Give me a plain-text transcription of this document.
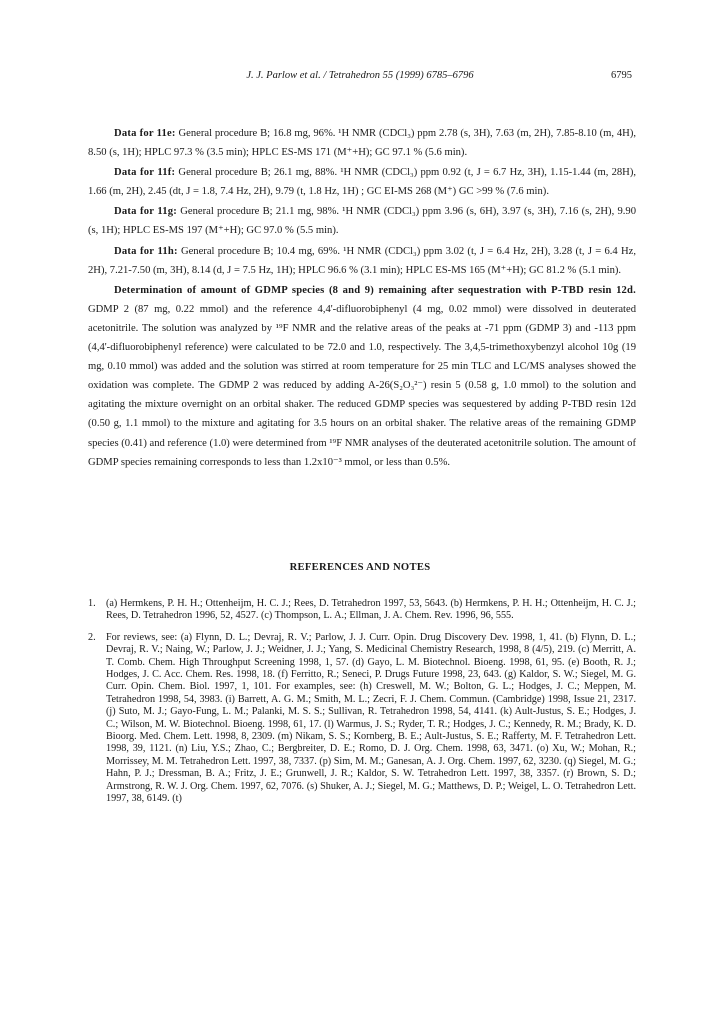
J. J. Parlow et al. / Tetrahedron 55 (1999) 6785–6796	6795

Data for 11e: General procedure B; 16.8 mg, 96%. ¹H NMR (CDCl₃) ppm 2.78 (s, 3H), 7.63 (m, 2H), 7.85-8.10 (m, 4H), 8.50 (s, 1H); HPLC 97.3 % (3.5 min); HPLC ES-MS 171 (M⁺+H); GC 97.1 % (5.6 min).

Data for 11f: General procedure B; 26.1 mg, 88%. ¹H NMR (CDCl₃) ppm 0.92 (t, J = 6.7 Hz, 3H), 1.15-1.44 (m, 28H), 1.66 (m, 2H), 2.45 (dt, J = 1.8, 7.4 Hz, 2H), 9.79 (t, 1.8 Hz, 1H) ; GC EI-MS 268 (M⁺) GC >99 % (7.6 min).

Data for 11g: General procedure B; 21.1 mg, 98%. ¹H NMR (CDCl₃) ppm 3.96 (s, 6H), 3.97 (s, 3H), 7.16 (s, 2H), 9.90 (s, 1H); HPLC ES-MS 197 (M⁺+H); GC 97.0 % (5.5 min).

Data for 11h: General procedure B; 10.4 mg, 69%. ¹H NMR (CDCl₃) ppm 3.02 (t, J = 6.4 Hz, 2H), 3.28 (t, J = 6.4 Hz, 2H), 7.21-7.50 (m, 3H), 8.14 (d, J = 7.5 Hz, 1H); HPLC 96.6 % (3.1 min); HPLC ES-MS 165 (M⁺+H); GC 81.2 % (5.1 min).

Determination of amount of GDMP species (8 and 9) remaining after sequestration with P-TBD resin 12d. GDMP 2 (87 mg, 0.22 mmol) and the reference 4,4'-difluorobiphenyl (4 mg, 0.02 mmol) were dissolved in deuterated acetonitrile. The solution was analyzed by ¹⁹F NMR and the relative areas of the peaks at -71 ppm (GDMP 3) and -113 ppm (4,4'-difluorobiphenyl reference) were calculated to be 72.0 and 1.0, respectively. The 3,4,5-trimethoxybenzyl alcohol 10g (19 mg, 0.10 mmol) was added and the solution was stirred at room temperature for 25 min TLC and LC/MS analyses showed the oxidation was complete. The GDMP 2 was reduced by adding A-26(S₂O₃²⁻) resin 5 (0.58 g, 1.0 mmol) to the solution and agitating the mixture overnight on an orbital shaker. The reduced GDMP species was sequestered by adding P-TBD resin 12d (0.50 g, 1.1 mmol) to the mixture and agitating for 3.5 hours on an orbital shaker. The relative areas of the remaining GDMP species (0.41) and reference (1.0) were determined from ¹⁹F NMR analyses of the deuterated acetonitrile solution. The amount of GDMP species remaining corresponds to less than 1.2x10⁻³ mmol, or less than 0.5%.

REFERENCES AND NOTES
1. (a) Hermkens, P. H. H.; Ottenheijm, H. C. J.; Rees, D. Tetrahedron 1997, 53, 5643. (b) Hermkens, P. H. H.; Ottenheijm, H. C. J.; Rees, D. Tetrahedron 1996, 52, 4527. (c) Thompson, L. A.; Ellman, J. A. Chem. Rev. 1996, 96, 555.
2. For reviews, see: (a) Flynn, D. L.; Devraj, R. V.; Parlow, J. J. Curr. Opin. Drug Discovery Dev. 1998, 1, 41. (b) Flynn, D. L.; Devraj, R. V.; Naing, W.; Parlow, J. J.; Weidner, J. J.; Yang, S. Medicinal Chemistry Research, 1998, 8 (4/5), 219. (c) Merritt, A. T. Comb. Chem. High Throughput Screening 1998, 1, 57. (d) Gayo, L. M. Biotechnol. Bioeng. 1998, 61, 95. (e) Booth, R. J.; Hodges, J. C. Acc. Chem. Res. 1998, 18. (f) Ferritto, R.; Seneci, P. Drugs Future 1998, 23, 643. (g) Kaldor, S. W.; Siegel, M. G. Curr. Opin. Chem. Biol. 1997, 1, 101. For examples, see: (h) Creswell, M. W.; Bolton, G. L.; Hodges, J. C.; Meppen, M. Tetrahedron 1998, 54, 3983. (i) Barrett, A. G. M.; Smith, M. L.; Zecri, F. J. Chem. Commun. (Cambridge) 1998, Issue 21, 2317. (j) Suto, M. J.; Gayo-Fung, L. M.; Palanki, M. S. S.; Sullivan, R. Tetrahedron 1998, 54, 4141. (k) Ault-Justus, S. E.; Hodges, J. C.; Wilson, M. W. Biotechnol. Bioeng. 1998, 61, 17. (l) Warmus, J. S.; Ryder, T. R.; Hodges, J. C.; Kennedy, R. M.; Brady, K. D. Bioorg. Med. Chem. Lett. 1998, 8, 2309. (m) Nikam, S. S.; Kornberg, B. E.; Ault-Justus, S. E.; Rafferty, M. F. Tetrahedron Lett. 1998, 39, 1121. (n) Liu, Y.S.; Zhao, C.; Bergbreiter, D. E.; Romo, D. J. Org. Chem. 1998, 63, 3471. (o) Xu, W.; Mohan, R.; Morrissey, M. M. Tetrahedron Lett. 1997, 38, 7337. (p) Sim, M. M.; Ganesan, A. J. Org. Chem. 1997, 62, 3230. (q) Siegel, M. G.; Hahn, P. J.; Dressman, B. A.; Fritz, J. E.; Grunwell, J. R.; Kaldor, S. W. Tetrahedron Lett. 1997, 38, 3357. (r) Brown, S. D.; Armstrong, R. W. J. Org. Chem. 1997, 62, 7076. (s) Shuker, A. J.; Siegel, M. G.; Matthews, D. P.; Weigel, L. O. Tetrahedron Lett. 1997, 38, 6149. (t)
